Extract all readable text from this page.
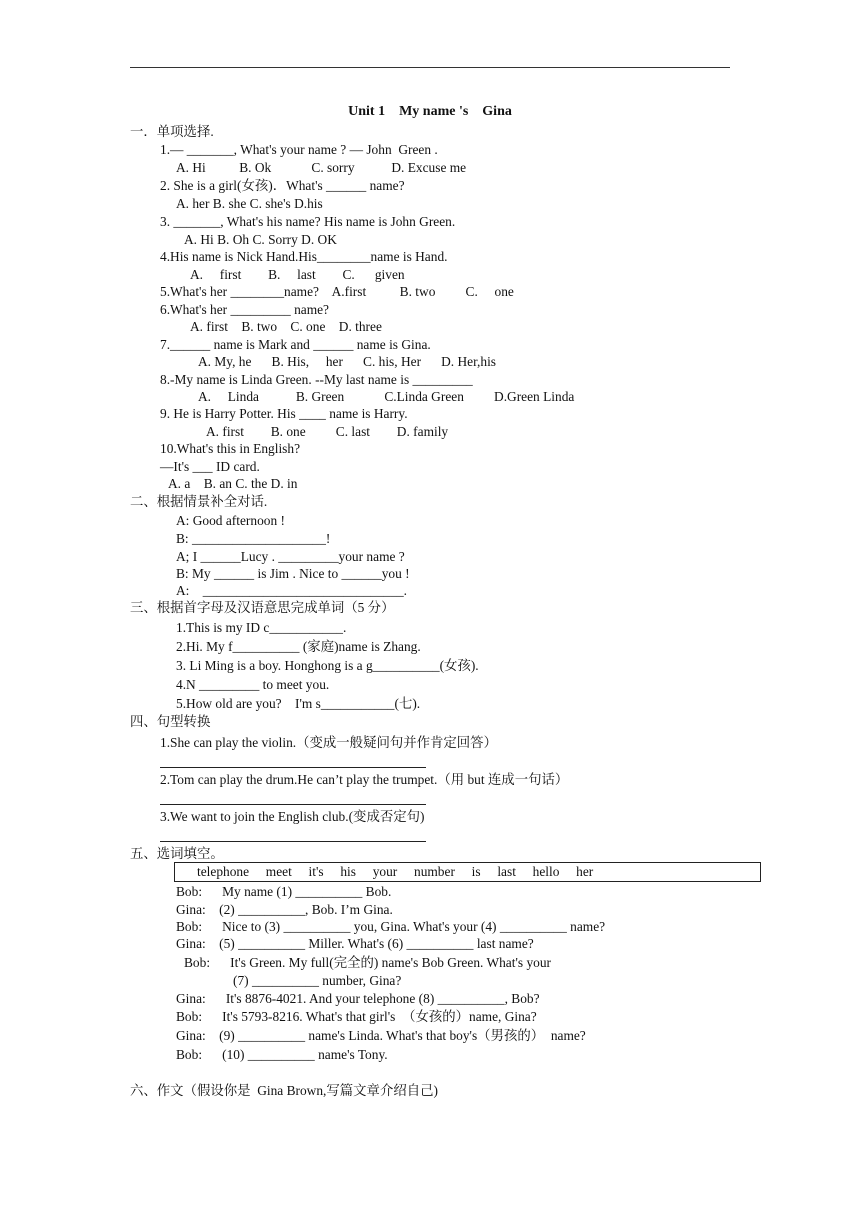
Unit 1    My name 's    Gina
一．单项选择.
1.— _______, What's your name ? — John  Green .
A. Hi          B. Ok            C. sorry           D. Excuse me
2. She is a girl(女孩)．What's ______ name?
A. her B. she C. she's D.his
3. _______, What's his name? His name is John Green.
A. Hi B. Oh C. Sorry D. OK
4.His name is Nick Hand.His________name is Hand.
A.     first        B.     last        C.      given
5.What's her ________name?    A.first          B. two         C.     one
6.What's her _________ name?
A. first    B. two    C. one    D. three
7.______ name is Mark and ______ name is Gina.
A. My, he      B. His,     her      C. his, Her      D. Her,his
8.-My name is Linda Green. --My last name is _________
A.     Linda           B. Green            C.Linda Green         D.Green Linda
9. He is Harry Potter. His ____ name is Harry.
A. first        B. one         C. last        D. family
10.What's this in English?
—It's ___ ID card.
A. a    B. an C. the D. in
二、根据情景补全对话.
A: Good afternoon !
B: ____________________!
A; I ______Lucy . _________your name ?
B: My ______ is Jim . Nice to ______you !
A:    ______________________________.
三、根据首字母及汉语意思完成单词（5 分）
1.This is my ID c___________.
2.Hi. My f__________ (家庭)name is Zhang.
3. Li Ming is a boy. Honghong is a g__________(女孩).
4.N _________ to meet you.
5.How old are you?    I'm s___________(七).
四、句型转换
1.She can play the violin.（变成一般疑问句并作肯定回答）
2.Tom can play the drum.He can’t play the trumpet.（用 but 连成一句话）
3.We want to join the English club.(变成否定句)
五、选词填空。
telephone     meet     it's     his     your     number     is     last     hello     her
Bob:      My name (1) __________ Bob.
Gina:    (2) __________, Bob. I’m Gina.
Bob:      Nice to (3) __________ you, Gina. What's your (4) __________ name?
Gina:    (5) __________ Miller. What's (6) __________ last name?
Bob:      It's Green. My full(完全的) name's Bob Green. What's your
(7) __________ number, Gina?
Gina:      It's 8876-4021. And your telephone (8) __________, Bob?
Bob:      It's 5793-8216. What's that girl's  （女孩的）name, Gina?
Gina:    (9) __________ name's Linda. What's that boy's（男孩的）  name?
Bob:      (10) __________ name's Tony.
六、作文（假设你是  Gina Brown,写篇文章介绍自己)
